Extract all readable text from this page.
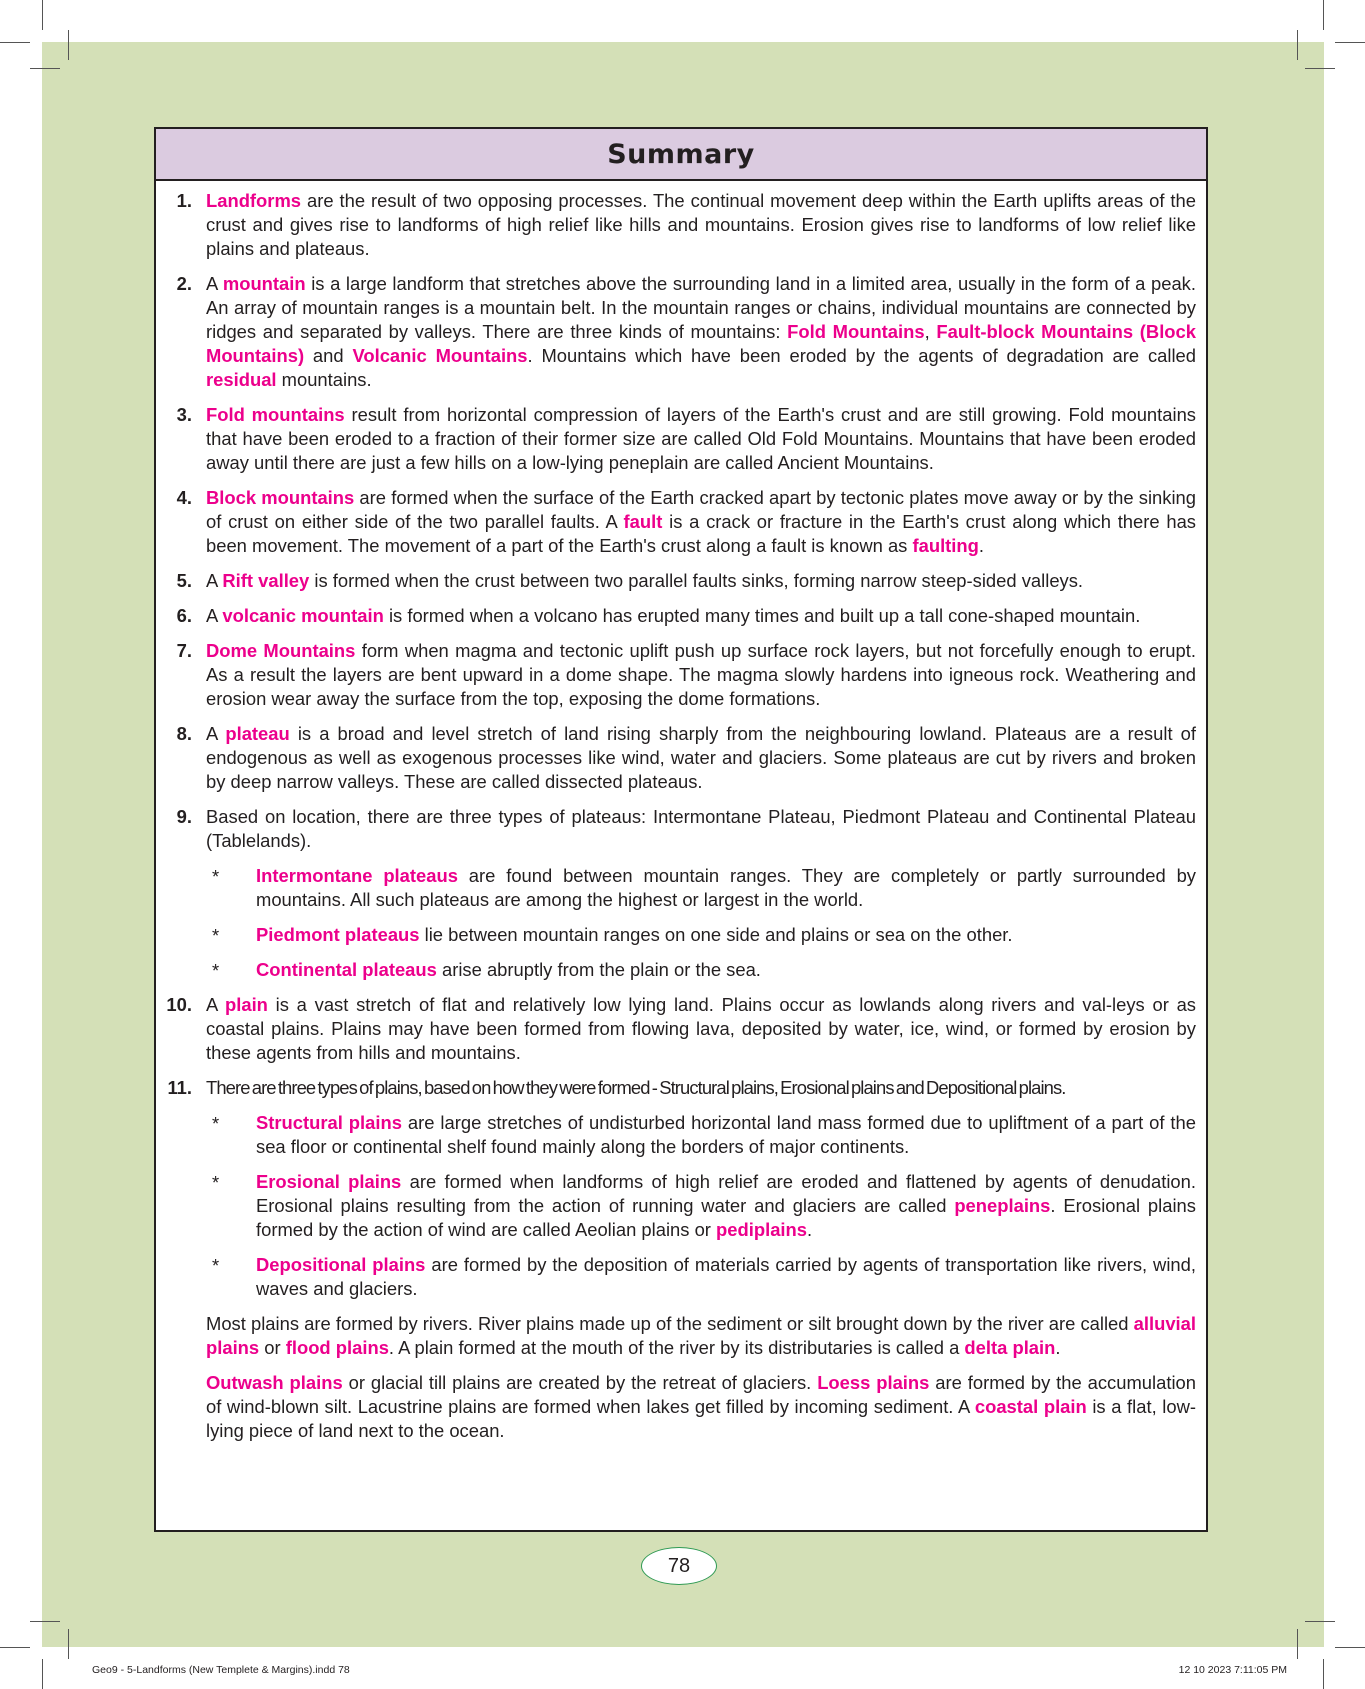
Summary
1. Landforms are the result of two opposing processes. The continual movement deep within the Earth uplifts areas of the crust and gives rise to landforms of high relief like hills and mountains. Erosion gives rise to landforms of low relief like plains and plateaus.
2. A mountain is a large landform that stretches above the surrounding land in a limited area, usually in the form of a peak. An array of mountain ranges is a mountain belt. In the mountain ranges or chains, individual mountains are connected by ridges and separated by valleys. There are three kinds of mountains: Fold Mountains, Fault-block Mountains (Block Mountains) and Volcanic Mountains. Mountains which have been eroded by the agents of degradation are called residual mountains.
3. Fold mountains result from horizontal compression of layers of the Earth's crust and are still growing. Fold mountains that have been eroded to a fraction of their former size are called Old Fold Mountains. Mountains that have been eroded away until there are just a few hills on a low-lying peneplain are called Ancient Mountains.
4. Block mountains are formed when the surface of the Earth cracked apart by tectonic plates move away or by the sinking of crust on either side of the two parallel faults. A fault is a crack or fracture in the Earth's crust along which there has been movement. The movement of a part of the Earth's crust along a fault is known as faulting.
5. A Rift valley is formed when the crust between two parallel faults sinks, forming narrow steep-sided valleys.
6. A volcanic mountain is formed when a volcano has erupted many times and built up a tall cone-shaped mountain.
7. Dome Mountains form when magma and tectonic uplift push up surface rock layers, but not forcefully enough to erupt. As a result the layers are bent upward in a dome shape. The magma slowly hardens into igneous rock. Weathering and erosion wear away the surface from the top, exposing the dome formations.
8. A plateau is a broad and level stretch of land rising sharply from the neighbouring lowland. Plateaus are a result of endogenous as well as exogenous processes like wind, water and glaciers. Some plateaus are cut by rivers and broken by deep narrow valleys. These are called dissected plateaus.
9. Based on location, there are three types of plateaus: Intermontane Plateau, Piedmont Plateau and Continental Plateau (Tablelands).
* Intermontane plateaus are found between mountain ranges. They are completely or partly surrounded by mountains. All such plateaus are among the highest or largest in the world.
* Piedmont plateaus lie between mountain ranges on one side and plains or sea on the other.
* Continental plateaus arise abruptly from the plain or the sea.
10. A plain is a vast stretch of flat and relatively low lying land. Plains occur as lowlands along rivers and val-leys or as coastal plains. Plains may have been formed from flowing lava, deposited by water, ice, wind, or formed by erosion by these agents from hills and mountains.
11. There are three types of plains, based on how they were formed - Structural plains, Erosional plains and Depositional plains.
* Structural plains are large stretches of undisturbed horizontal land mass formed due to upliftment of a part of the sea floor or continental shelf found mainly along the borders of major continents.
* Erosional plains are formed when landforms of high relief are eroded and flattened by agents of denudation. Erosional plains resulting from the action of running water and glaciers are called peneplains. Erosional plains formed by the action of wind are called Aeolian plains or pediplains.
* Depositional plains are formed by the deposition of materials carried by agents of transportation like rivers, wind, waves and glaciers.
Most plains are formed by rivers. River plains made up of the sediment or silt brought down by the river are called alluvial plains or flood plains. A plain formed at the mouth of the river by its distributaries is called a delta plain.
Outwash plains or glacial till plains are created by the retreat of glaciers. Loess plains are formed by the accumulation of wind-blown silt. Lacustrine plains are formed when lakes get filled by incoming sediment. A coastal plain is a flat, low-lying piece of land next to the ocean.
78
Geo9 - 5-Landforms (New Templete & Margins).indd 78	12 10 2023 7:11:05 PM
